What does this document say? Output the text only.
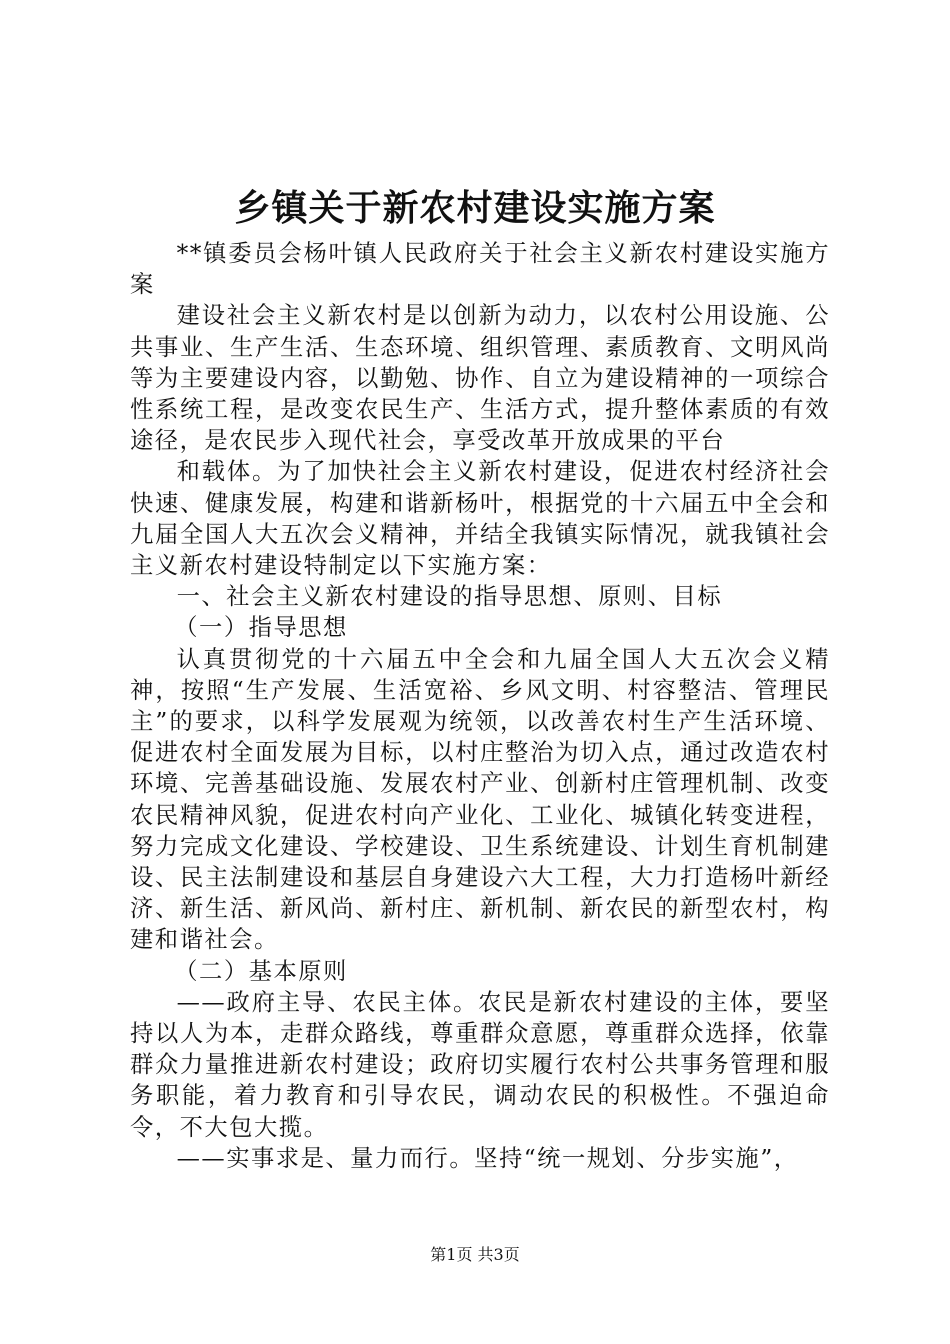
乡镇关于新农村建设实施方案

**镇委员会杨叶镇人民政府关于社会主义新农村建设实施方案

建设社会主义新农村是以创新为动力，以农村公用设施、公共事业、生产生活、生态环境、组织管理、素质教育、文明风尚等为主要建设内容，以勤勉、协作、自立为建设精神的一项综合性系统工程，是改变农民生产、生活方式，提升整体素质的有效途径，是农民步入现代社会，享受改革开放成果的平台

和载体。为了加快社会主义新农村建设，促进农村经济社会快速、健康发展，构建和谐新杨叶，根据党的十六届五中全会和九届全国人大五次会义精神，并结全我镇实际情况，就我镇社会主义新农村建设特制定以下实施方案：

一、社会主义新农村建设的指导思想、原则、目标

（一）指导思想

认真贯彻党的十六届五中全会和九届全国人大五次会义精神，按照“生产发展、生活宽裕、乡风文明、村容整洁、管理民主”的要求，以科学发展观为统领，以改善农村生产生活环境、促进农村全面发展为目标，以村庄整治为切入点，通过改造农村环境、完善基础设施、发展农村产业、创新村庄管理机制、改变农民精神风貌，促进农村向产业化、工业化、城镇化转变进程，努力完成文化建设、学校建设、卫生系统建设、计划生育机制建设、民主法制建设和基层自身建设六大工程，大力打造杨叶新经济、新生活、新风尚、新村庄、新机制、新农民的新型农村，构建和谐社会。

（二）基本原则

——政府主导、农民主体。农民是新农村建设的主体，要坚持以人为本，走群众路线，尊重群众意愿，尊重群众选择，依靠群众力量推进新农村建设；政府切实履行农村公共事务管理和服务职能，着力教育和引导农民，调动农民的积极性。不强迫命令，不大包大揽。

——实事求是、量力而行。坚持“统一规划、分步实施”，

第1页 共3页
